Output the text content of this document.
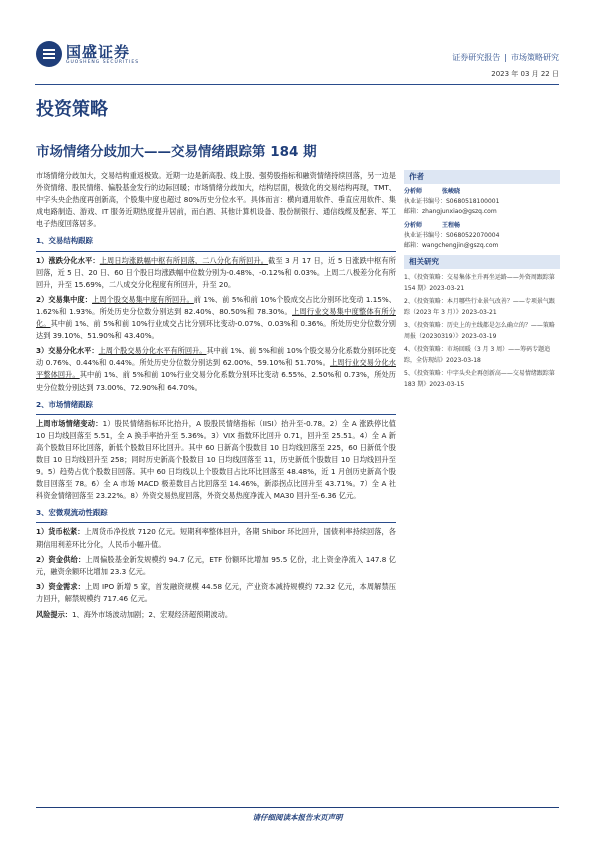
国盛证券
GUOSHENG SECURITIES
证券研究报告 | 市场策略研究
2023 年 03 月 22 日
投资策略
市场情绪分歧加大——交易情绪跟踪第 184 期

市场情绪分歧加大，交易结构重返极致。近期一边是新高股、线上股、强势股指标和融资情绪持续回落，另一边是外资情绪、股民情绪、偏股基金发行的边际回暖；市场情绪分歧加大，结构层面，极致化的交易结构再现，TMT、中字头央企热度再创新高，个股集中度也超过 80%历史分位水平。具体而言：横向通用软件、垂直应用软件、集成电路制造、游戏、IT 服务近期热度提升居前，而白酒、其他计算机设备、股份制银行、通信线缆及配套、军工电子热度回落居多。

1、交易结构跟踪

1）涨跌分化水平：上周日均涨跌幅中枢有所回落，二八分化有所回升。截至 3 月 17 日，近 5 日涨跌中枢有所回落，近 5 日、20 日、60 日个股日均涨跌幅中位数分别为-0.48%、-0.12%和 0.03%。上周二八极差分化有所回升，升至 15.69%，二八成交分化程度有所回升，升至 20。

2）交易集中度：上周个股交易集中度有所回升。前 1%、前 5%和前 10%个股成交占比分别环比变动 1.15%、1.62%和 1.93%。所处历史分位数分别达到 82.40%、80.50%和 78.30%。上周行业交易集中度整体有所分化。其中前 1%、前 5%和前 10%行业成交占比分别环比变动-0.07%、0.03%和 0.36%。所处历史分位数分别达到 39.10%、51.90%和 43.40%。

3）交易分化水平：上周个股交易分化水平有所回升。其中前 1%、前 5%和前 10%个股交易分化系数分别环比变动 0.76%、0.44%和 0.44%。所处历史分位数分别达到 62.00%、59.10%和 51.70%。上周行业交易分化水平整体回升。其中前 1%、前 5%和前 10%行业交易分化系数分别环比变动 6.55%、2.50%和 0.73%，所处历史分位数分别达到 73.00%、72.90%和 64.70%。

2、市场情绪跟踪

上周市场情绪变动：1）股民情绪指标环比抬升，A 股股民情绪指标（IISI）抬升至-0.78。2）全 A 涨跌停比值 10 日均线回落至 5.51，全 A 换手率抬升至 5.36%。3）VIX 指数环比回升 0.71，回升至 25.51。4）全 A 新高个股数目环比回落，新低个股数目环比回升。其中 60 日新高个股数目 10 日均线回落至 225，60 日新低个股数目 10 日均线回升至 258；同时历史新高个股数目 10 日均线回落至 11，历史新低个股数目 10 日均线回升至 9。5）趋势占优个股数目回落。其中 60 日均线以上个股数目占比环比回落至 48.48%，近 1 月创历史新高个股数目回落至 78。6）全 A 市场 MACD 极差数目占比回落至 14.46%，新添拐点比回升至 43.71%。7）全 A 社科资金情绪回落至 23.22%。8）外资交易热度回落，外资交易热度净流入 MA30 回升至-6.36 亿元。

3、宏微观流动性跟踪

1）货币松紧：上周货币净投放 7120 亿元。短期利率整体回升，各期 Shibor 环比回升，国债利率持续回落，各期信用利差环比分化，人民币小幅升值。

2）资金供给：上周偏股基金新发规模约 94.7 亿元，ETF 份额环比增加 95.5 亿份，北上资金净流入 147.8 亿元，融资余额环比增加 23.3 亿元。

3）资金需求：上周 IPO 新增 5 家，首发融资规模 44.58 亿元，产业资本减持规模约 72.32 亿元，本周解禁压力回升，解禁规模约 717.46 亿元。

风险提示：1、海外市场波动加剧；2、宏观经济超预期波动。

作者
分析师	张峻晓
执业证书编号：S0680518100001
邮箱：zhangjunxiao@gszq.com
分析师	王程畅
执业证书编号：S0680522070004
邮箱：wangchengjin@gszq.com
相关研究
1、《投资策略：交易集体主升再坐运路——外资周跟踪第 154 期》2023-03-21
2、《投资策略：本月哪些行业景气改善？——专项景气跟踪（2023 年 3 月）》2023-03-21
3、《投资策略：历史上的主线都是怎么确立的？——策略周报（20230319）》2023-03-19
4、《投资策略：市场回暖（3 月 3 周）——筹码专题追踪，全仿现结》2023-03-18
5、《投资策略：中字头央企再创新高——交易情绪跟踪第 183 期》2023-03-15
请仔细阅读本报告末页声明
